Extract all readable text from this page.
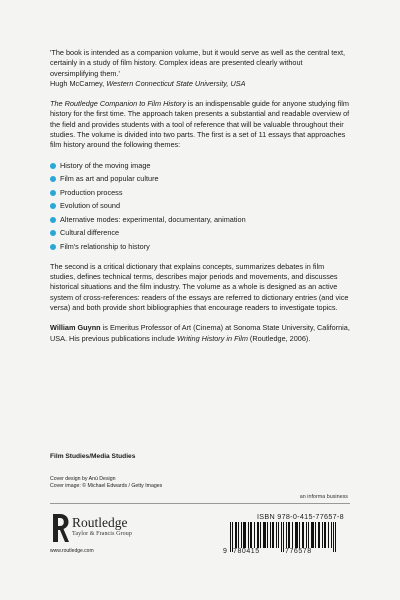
'The book is intended as a companion volume, but it would serve as well as the central text, certainly in a study of film history. Complex ideas are presented clearly without oversimplifying them.'
Hugh McCarney, Western Connecticut State University, USA

The Routledge Companion to Film History is an indispensable guide for anyone studying film history for the first time. The approach taken presents a substantial and readable overview of the field and provides students with a tool of reference that will be valuable throughout their studies. The volume is divided into two parts. The first is a set of 11 essays that approaches film history around the following themes:

History of the moving image
Film as art and popular culture
Production process
Evolution of sound
Alternative modes: experimental, documentary, animation
Cultural difference
Film's relationship to history

The second is a critical dictionary that explains concepts, summarizes debates in film studies, defines technical terms, describes major periods and movements, and discusses historical situations and the film industry. The volume as a whole is designed as an active system of cross-references: readers of the essays are referred to dictionary entries (and vice versa) and both provide short bibliographies that encourage readers to investigate topics.

William Guynn is Emeritus Professor of Art (Cinema) at Sonoma State University, California, USA. His previous publications include Writing History in Film (Routledge, 2006).

Film Studies/Media Studies
Cover design by Anú Design
Cover image: © Michael Edwards / Getty Images
an informa business
Routledge
Taylor & Francis Group
www.routledge.com
ISBN 978-0-415-77657-8
9 780415	776578
